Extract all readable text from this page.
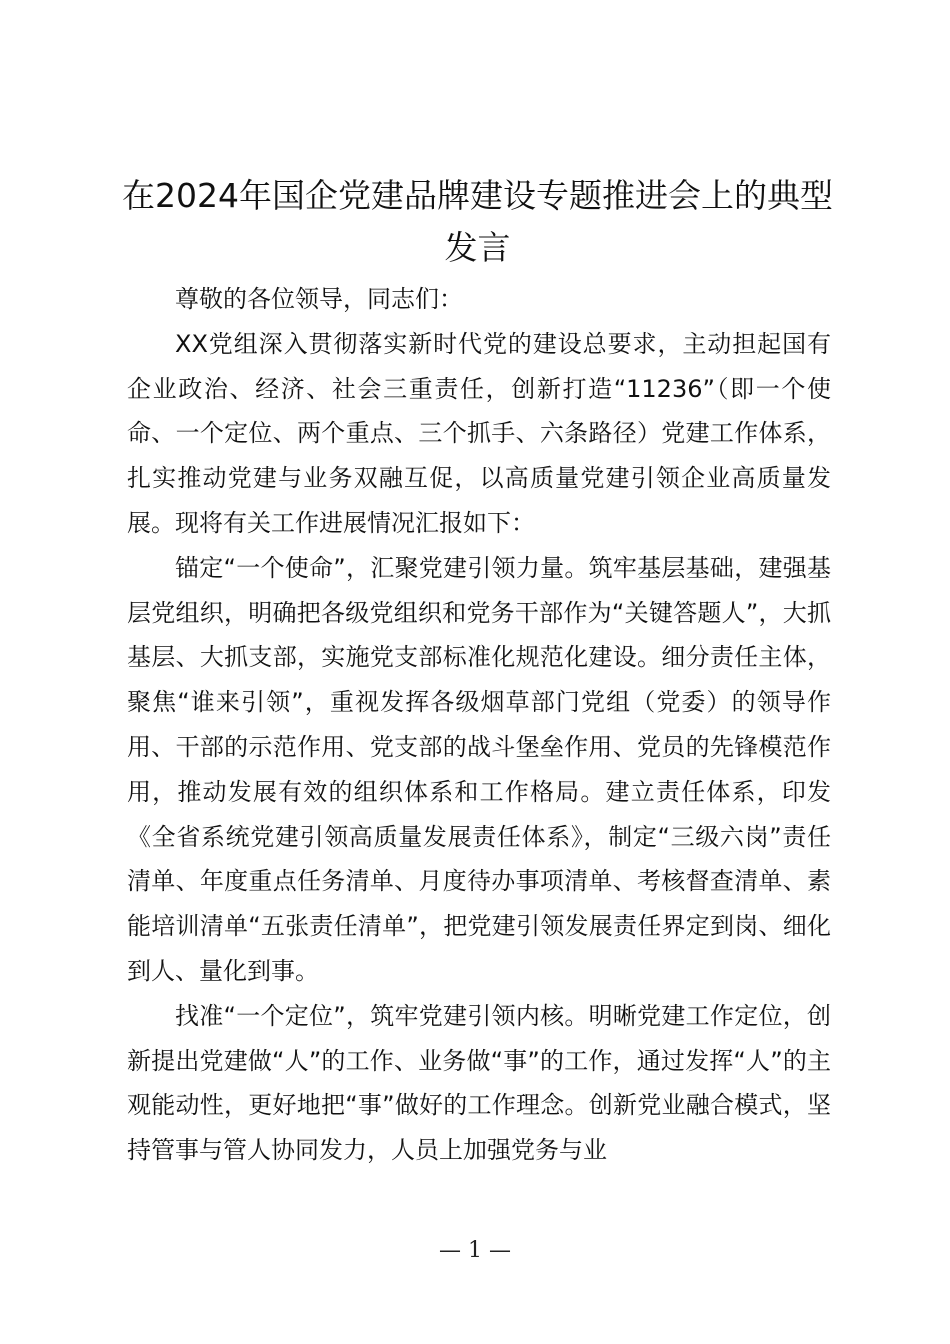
在2024年国企党建品牌建设专题推进会上的典型发言

尊敬的各位领导，同志们：

XX党组深入贯彻落实新时代党的建设总要求，主动担起国有企业政治、经济、社会三重责任，创新打造“11236”（即一个使命、一个定位、两个重点、三个抓手、六条路径）党建工作体系，扎实推动党建与业务双融互促，以高质量党建引领企业高质量发展。现将有关工作进展情况汇报如下：

锚定“一个使命”，汇聚党建引领力量。筑牢基层基础，建强基层党组织，明确把各级党组织和党务干部作为“关键答题人”，大抓基层、大抓支部，实施党支部标准化规范化建设。细分责任主体，聚焦“谁来引领”，重视发挥各级烟草部门党组（党委）的领导作用、干部的示范作用、党支部的战斗堡垒作用、党员的先锋模范作用，推动发展有效的组织体系和工作格局。建立责任体系，印发《全省系统党建引领高质量发展责任体系》，制定“三级六岗”责任清单、年度重点任务清单、月度待办事项清单、考核督查清单、素能培训清单“五张责任清单”，把党建引领发展责任界定到岗、细化到人、量化到事。

找准“一个定位”，筑牢党建引领内核。明晰党建工作定位，创新提出党建做“人”的工作、业务做“事”的工作，通过发挥“人”的主观能动性，更好地把“事”做好的工作理念。创新党业融合模式，坚持管事与管人协同发力，人员上加强党务与业

— 1 —
